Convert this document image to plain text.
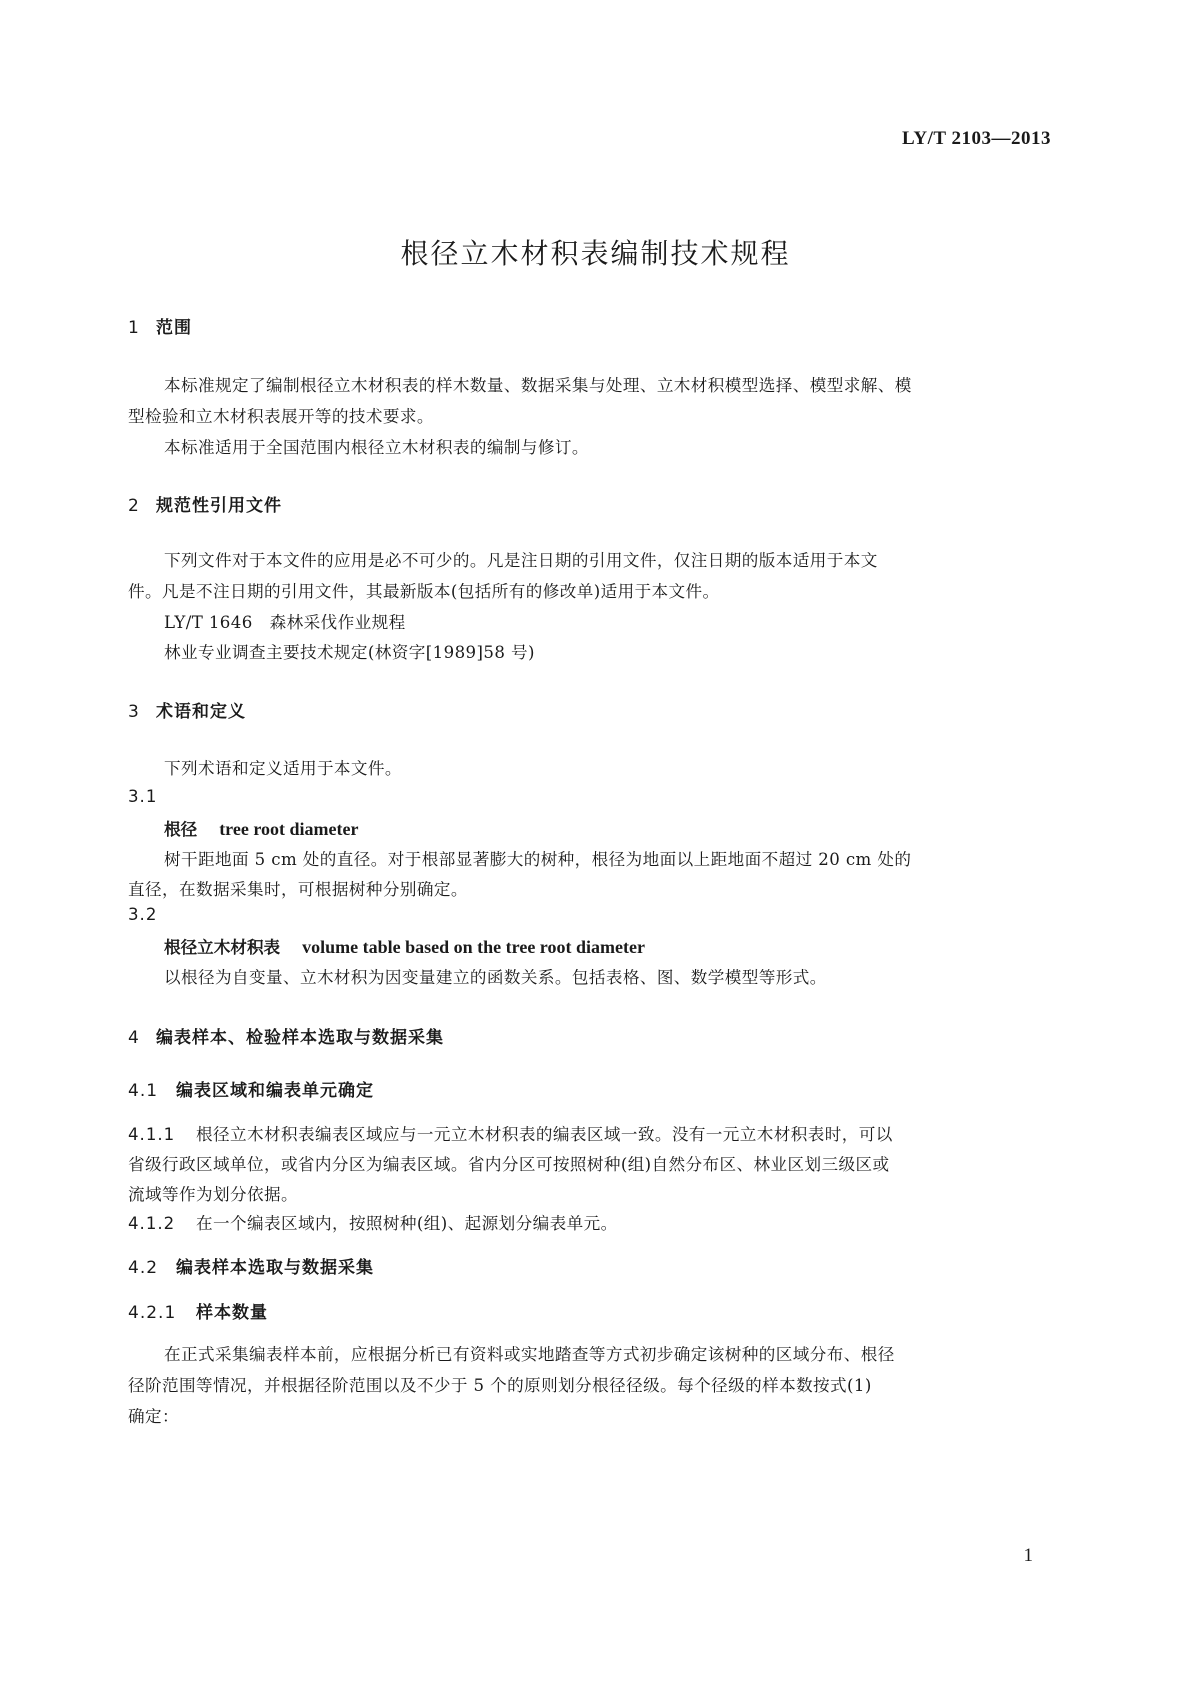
LY/T 2103—2013
根径立木材积表编制技术规程
1 范围
本标准规定了编制根径立木材积表的样木数量、数据采集与处理、立木材积模型选择、模型求解、模
型检验和立木材积表展开等的技术要求。
本标准适用于全国范围内根径立木材积表的编制与修订。
2 规范性引用文件
下列文件对于本文件的应用是必不可少的。凡是注日期的引用文件，仅注日期的版本适用于本文
件。凡是不注日期的引用文件，其最新版本(包括所有的修改单)适用于本文件。
LY/T 1646　森林采伐作业规程
林业专业调查主要技术规定(林资字[1989]58 号)
3 术语和定义
下列术语和定义适用于本文件。
3.1
根径 tree root diameter
树干距地面 5 cm 处的直径。对于根部显著膨大的树种，根径为地面以上距地面不超过 20 cm 处的
直径，在数据采集时，可根据树种分别确定。
3.2
根径立木材积表 volume table based on the tree root diameter
以根径为自变量、立木材积为因变量建立的函数关系。包括表格、图、数学模型等形式。
4 编表样本、检验样本选取与数据采集
4.1 编表区域和编表单元确定
4.1.1 根径立木材积表编表区域应与一元立木材积表的编表区域一致。没有一元立木材积表时，可以
省级行政区域单位，或省内分区为编表区域。省内分区可按照树种(组)自然分布区、林业区划三级区或
流域等作为划分依据。
4.1.2 在一个编表区域内，按照树种(组)、起源划分编表单元。
4.2 编表样本选取与数据采集
4.2.1 样本数量
在正式采集编表样本前，应根据分析已有资料或实地踏查等方式初步确定该树种的区域分布、根径
径阶范围等情况，并根据径阶范围以及不少于 5 个的原则划分根径径级。每个径级的样本数按式(1)
确定：
1
